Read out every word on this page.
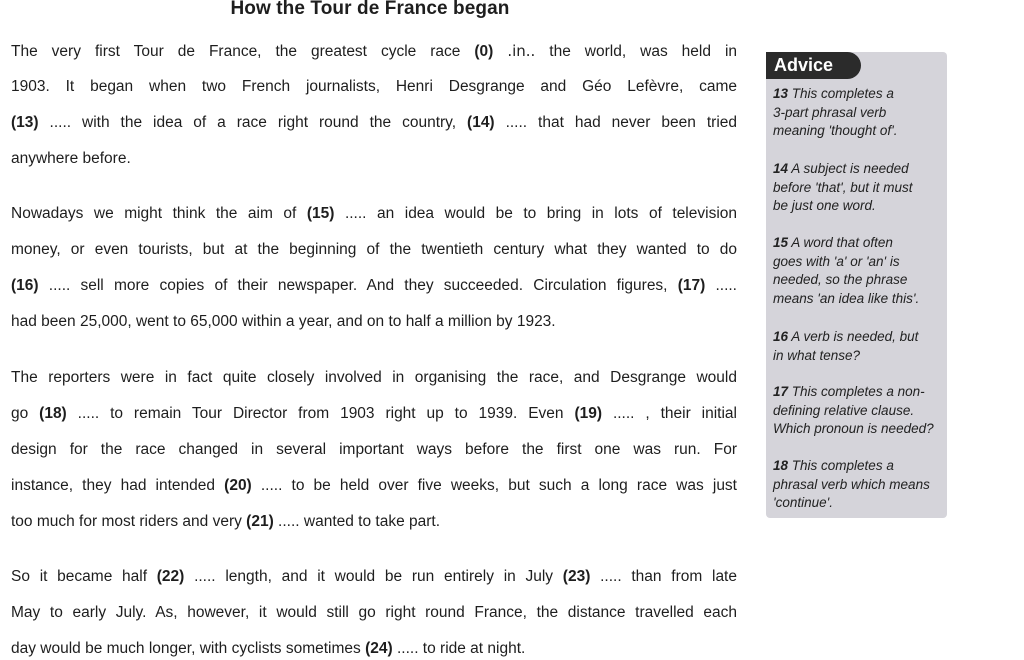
How the Tour de France began
The very first Tour de France, the greatest cycle race (0) .in.. the world, was held in
1903. It began when two French journalists, Henri Desgrange and Géo Lefèvre, came
(13) ..... with the idea of a race right round the country, (14) ..... that had never been tried
anywhere before.
Nowadays we might think the aim of (15) ..... an idea would be to bring in lots of television
money, or even tourists, but at the beginning of the twentieth century what they wanted to do
(16) ..... sell more copies of their newspaper. And they succeeded. Circulation figures, (17) .....
had been 25,000, went to 65,000 within a year, and on to half a million by 1923.
The reporters were in fact quite closely involved in organising the race, and Desgrange would
go (18) ..... to remain Tour Director from 1903 right up to 1939. Even (19) ..... , their initial
design for the race changed in several important ways before the first one was run. For
instance, they had intended (20) ..... to be held over five weeks, but such a long race was just
too much for most riders and very (21) ..... wanted to take part.
So it became half (22) ..... length, and it would be run entirely in July (23) ..... than from late
May to early July. As, however, it would still go right round France, the distance travelled each
day would be much longer, with cyclists sometimes (24) ..... to ride at night.
Advice
13 This completes a
3-part phrasal verb
meaning 'thought of'.
14 A subject is needed
before 'that', but it must
be just one word.
15 A word that often
goes with 'a' or 'an' is
needed, so the phrase
means 'an idea like this'.
16 A verb is needed, but
in what tense?
17 This completes a non-
defining relative clause.
Which pronoun is needed?
18 This completes a
phrasal verb which means
'continue'.
